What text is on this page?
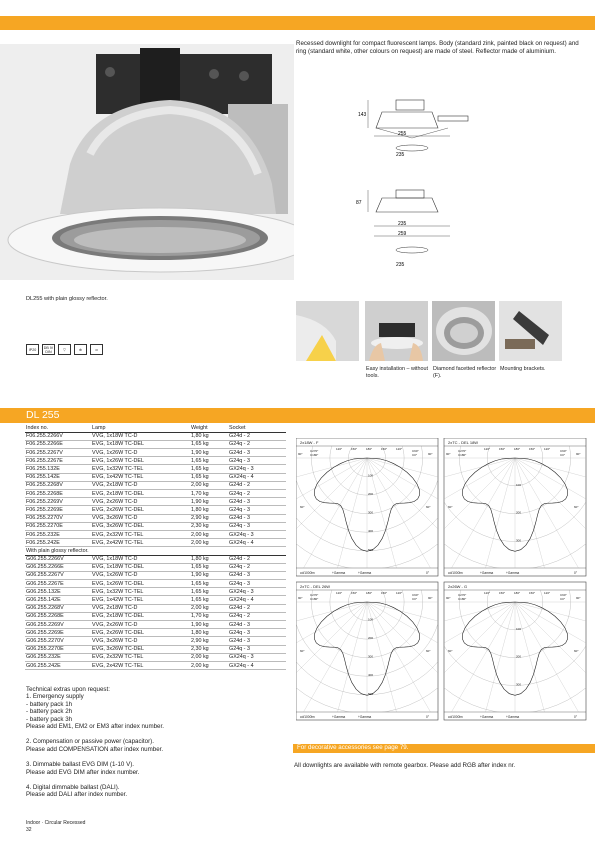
Recessed downlight for compact fluorescent lamps. Body (standard zink, painted black on request) and ring (standard white, other colours on request) are made of steel. Reflector made of aluminium.
DL255 with plain glossy reflector.
IP20	DB IV DIN	▽	⊕	α
143
255
235
87
235
259
235
Easy installation – without tools.
Diamond facetted reflector (F).
Mounting brackets.
DL 255
Index no.	Lamp	Weight	Socket
F06.255.2266V	VVG, 1x18W TC-D	1,80 kg	G24d - 2
F06.255.2266E	EVG, 1x18W TC-DEL	1,65 kg	G24q - 2
F06.255.2267V	VVG, 1x26W TC-D	1,90 kg	G24d - 3
F06.255.2267E	EVG, 1x26W TC-DEL	1,65 kg	G24q - 3
F06.255.132E	EVG, 1x32W TC-TEL	1,65 kg	GX24q - 3
F06.255.142E	EVG, 1x42W TC-TEL	1,65 kg	GX24q - 4
F06.255.2268V	VVG, 2x18W TC-D	2,00 kg	G24d - 2
F06.255.2268E	EVG, 2x18W TC-DEL	1,70 kg	G24q - 2
F06.255.2269V	VVG, 2x26W TC-D	1,90 kg	G24d - 3
F06.255.2269E	EVG, 2x26W TC-DEL	1,80 kg	G24q - 3
F06.255.2270V	VVG, 3x26W TC-D	2,90 kg	G24d - 3
F06.255.2270E	EVG, 3x26W TC-DEL	2,30 kg	G24q - 3
F06.255.232E	EVG, 2x32W TC-TEL	2,00 kg	GX24q - 3
F06.255.242E	EVG, 2x42W TC-TEL	2,00 kg	GX24q - 4
With plain glossy reflector.			
G06.255.2266V	VVG, 1x18W TC-D	1,80 kg	G24d - 2
G06.255.2266E	EVG, 1x18W TC-DEL	1,65 kg	G24q - 2
G06.255.2267V	VVG, 1x26W TC-D	1,90 kg	G24d - 3
G06.255.2267E	EVG, 1x26W TC-DEL	1,65 kg	G24q - 3
G06.255.132E	EVG, 1x32W TC-TEL	1,65 kg	GX24q - 3
G06.255.142E	EVG, 1x42W TC-TEL	1,65 kg	GX24q - 4
G06.255.2268V	VVG, 2x18W TC-D	2,00 kg	G24d - 2
G06.255.2268E	EVG, 2x18W TC-DEL	1,70 kg	G24q - 2
G06.255.2269V	VVG, 2x26W TC-D	1,90 kg	G24d - 3
G06.255.2269E	EVG, 2x26W TC-DEL	1,80 kg	G24q - 3
G06.255.2270V	VVG, 3x26W TC-D	2,90 kg	G24d - 3
G06.255.2270E	EVG, 3x26W TC-DEL	2,30 kg	G24q - 3
G06.255.232E	EVG, 2x32W TC-TEL	2,00 kg	GX24q - 3
G06.255.242E	EVG, 2x42W TC-TEL	2,00 kg	GX24q - 4

Technical extras upon request:
1. Emergency supply
- battery pack 1h
- battery pack 2h
- battery pack 3h
Please add EM1, EM2 or EM3 after index number.

2. Compensation or passive power (capacitor).
Please add COMPENSATION after index number.

3. Dimmable ballast EVG DIM (1-10 V).
Please add EVG DIM after index number.

4. Digital dimmable ballast (DALI).
Please add DALI after index number.

Indoor · Circular Recessed
32
2x18W - F
100
200
300
400
500
120°	150°	180°	150°	120°
90°	90°
C270°
C180°
C90°
C0°
60°	60°
cd/1000lm	+Gamma	+Gamma	0°
2xTC - DEL 18W
100
200
300
120°	150°	180°	150°	120°
90°	90°
C270°
C180°
C90°
C0°
60°	60°
cd/1000lm	+Gamma	+Gamma	0°
2xTC - DEL 26W
100
200
300
400
500
120°	150°	180°	150°	120°
90°	90°
C270°
C180°
C90°
C0°
60°	60°
cd/1000lm	+Gamma	+Gamma	0°
2x26W - G
100
200
300
120°	150°	180°	150°	120°
90°	90°
C270°
C180°
C90°
C0°
60°	60°
cd/1000lm	+Gamma	+Gamma	0°
For decorative accessories see page 79.
All downlights are available with remote gearbox. Please add RGB after index nr.
